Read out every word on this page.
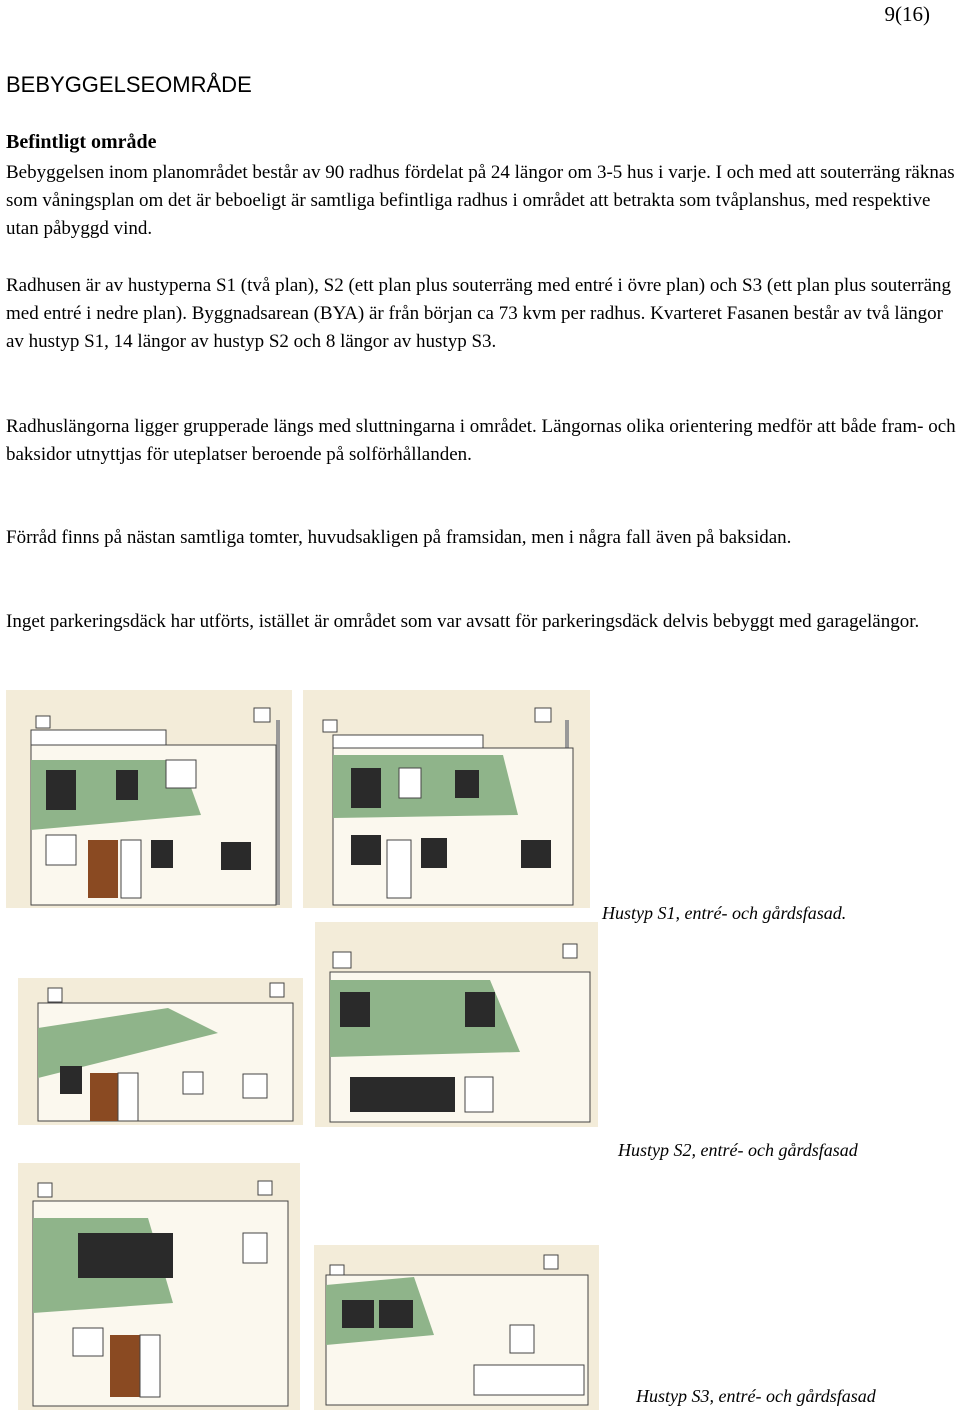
9(16)
BEBYGGELSEOMRÅDE
Befintligt område

Bebyggelsen inom planområdet består av 90 radhus fördelat på 24 längor om 3-5 hus i varje. I och med att souterräng räknas som våningsplan om det är beboeligt är samtliga befintliga radhus i området att betrakta som tvåplanshus, med respektive utan påbyggd vind.

Radhusen är av hustyperna S1 (två plan), S2 (ett plan plus souterräng med entré i övre plan) och S3 (ett plan plus souterräng med entré i nedre plan). Byggnadsarean (BYA) är från början ca 73 kvm per radhus. Kvarteret Fasanen består av två längor av hustyp S1, 14 längor av hustyp S2 och 8 längor av hustyp S3.

Radhuslängorna ligger grupperade längs med sluttningarna i området. Längornas olika orientering medför att både fram- och baksidor utnyttjas för uteplatser beroende på solförhållanden.

Förråd finns på nästan samtliga tomter, huvudsakligen på framsidan, men i några fall även på baksidan.

Inget parkeringsdäck har utförts, istället är området som var avsatt för parkeringsdäck delvis bebyggt med garagelängor.

Hustyp S1, entré- och gårdsfasad.
Hustyp S2, entré- och gårdsfasad
Hustyp S3, entré- och gårdsfasad
